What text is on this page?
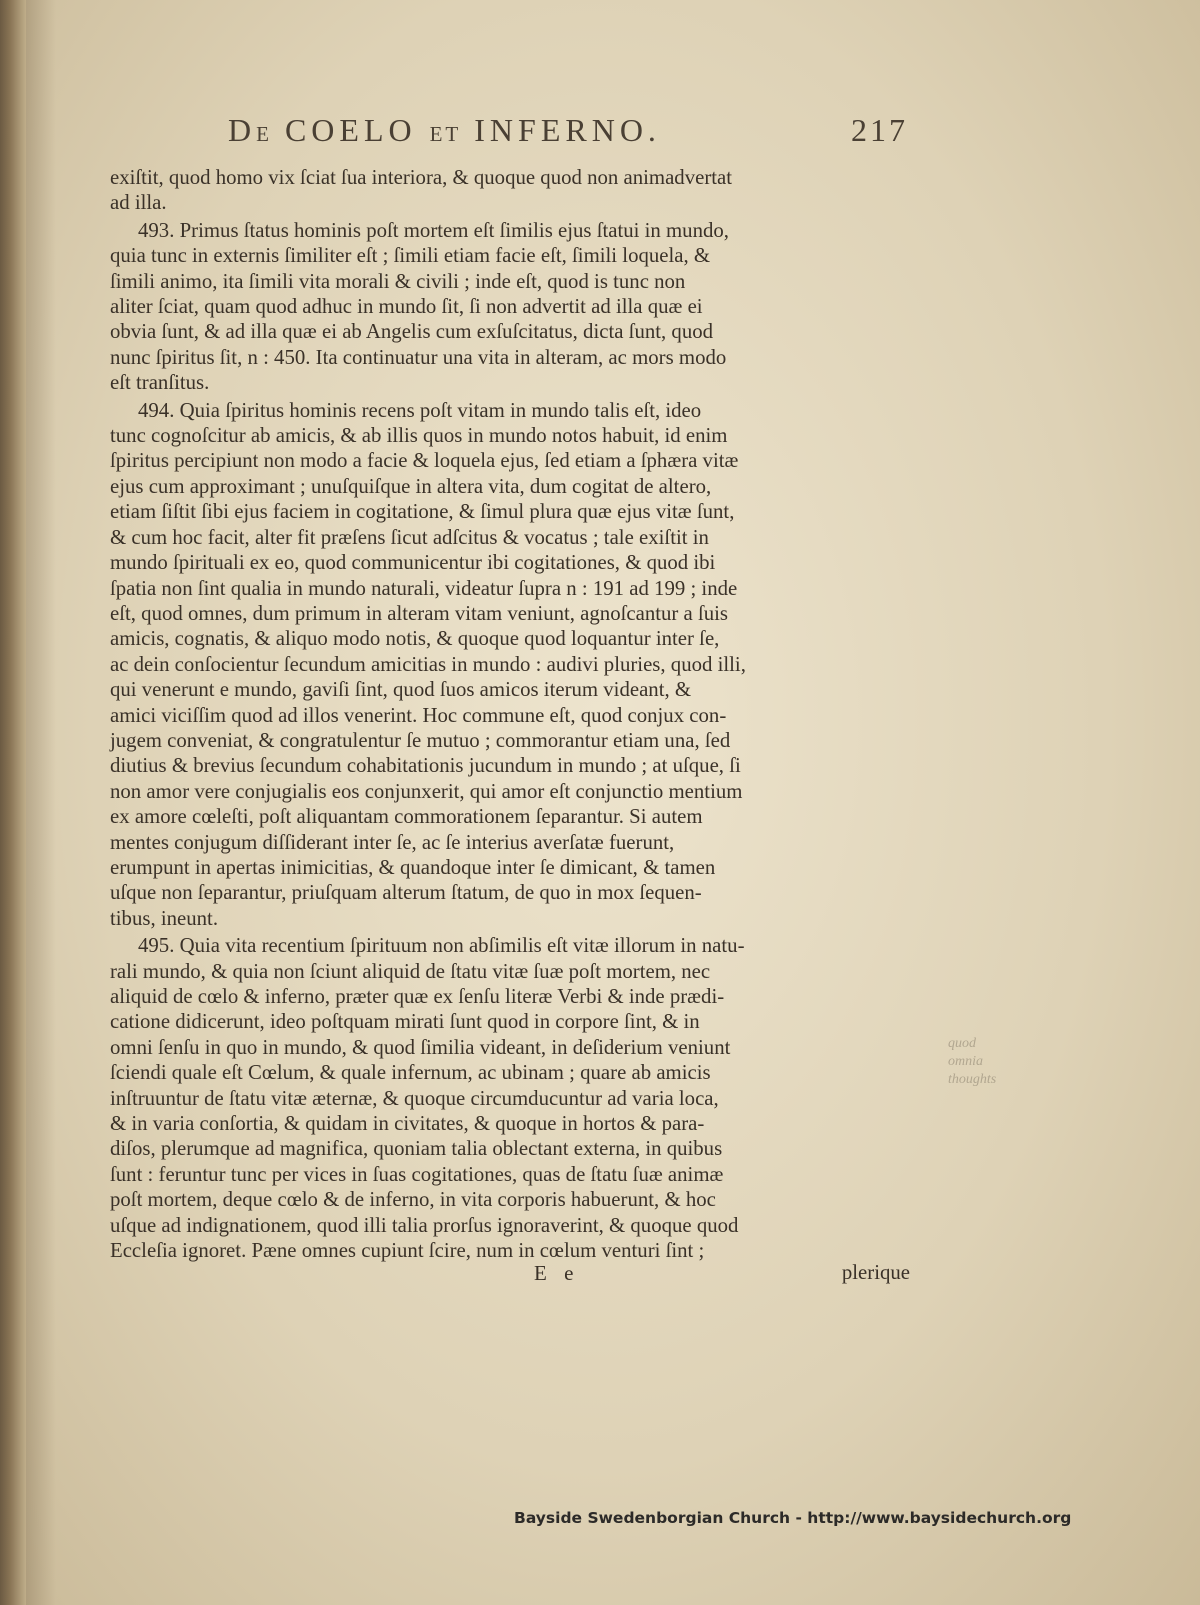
DE COELO ET INFERNO.	217

exiſtit, quod homo vix ſciat ſua interiora, & quoque quod non animadvertat

ad illa.

493. Primus ſtatus hominis poſt mortem eſt ſimilis ejus ſtatui in mundo,

quia tunc in externis ſimiliter eſt ; ſimili etiam facie eſt, ſimili loquela, &

ſimili animo, ita ſimili vita morali & civili ; inde eſt, quod is tunc non

aliter ſciat, quam quod adhuc in mundo ſit, ſi non advertit ad illa quæ ei

obvia ſunt, & ad illa quæ ei ab Angelis cum exſuſcitatus, dicta ſunt, quod

nunc ſpiritus ſit, n : 450. Ita continuatur una vita in alteram, ac mors modo

eſt tranſitus.

494. Quia ſpiritus hominis recens poſt vitam in mundo talis eſt, ideo

tunc cognoſcitur ab amicis, & ab illis quos in mundo notos habuit, id enim

ſpiritus percipiunt non modo a facie & loquela ejus, ſed etiam a ſphæra vitæ

ejus cum approximant ; unuſquiſque in altera vita, dum cogitat de altero,

etiam ſiſtit ſibi ejus faciem in cogitatione, & ſimul plura quæ ejus vitæ ſunt,

& cum hoc facit, alter fit præſens ſicut adſcitus & vocatus ; tale exiſtit in

mundo ſpirituali ex eo, quod communicentur ibi cogitationes, & quod ibi

ſpatia non ſint qualia in mundo naturali, videatur ſupra n : 191 ad 199 ; inde

eſt, quod omnes, dum primum in alteram vitam veniunt, agnoſcantur a ſuis

amicis, cognatis, & aliquo modo notis, & quoque quod loquantur inter ſe,

ac dein conſocientur ſecundum amicitias in mundo : audivi pluries, quod illi,

qui venerunt e mundo, gaviſi ſint, quod ſuos amicos iterum videant, &

amici viciſſim quod ad illos venerint. Hoc commune eſt, quod conjux con-

jugem conveniat, & congratulentur ſe mutuo ; commorantur etiam una, ſed

diutius & brevius ſecundum cohabitationis jucundum in mundo ; at uſque, ſi

non amor vere conjugialis eos conjunxerit, qui amor eſt conjunctio mentium

ex amore cœleſti, poſt aliquantam commorationem ſeparantur. Si autem

mentes conjugum diſſiderant inter ſe, ac ſe interius averſatæ fuerunt,

erumpunt in apertas inimicitias, & quandoque inter ſe dimicant, & tamen

uſque non ſeparantur, priuſquam alterum ſtatum, de quo in mox ſequen-

tibus, ineunt.

495. Quia vita recentium ſpirituum non abſimilis eſt vitæ illorum in natu-

rali mundo, & quia non ſciunt aliquid de ſtatu vitæ ſuæ poſt mortem, nec

aliquid de cœlo & inferno, præter quæ ex ſenſu literæ Verbi & inde prædi-

catione didicerunt, ideo poſtquam mirati ſunt quod in corpore ſint, & in

omni ſenſu in quo in mundo, & quod ſimilia videant, in deſiderium veniunt

ſciendi quale eſt Cœlum, & quale infernum, ac ubinam ; quare ab amicis

inſtruuntur de ſtatu vitæ æternæ, & quoque circumducuntur ad varia loca,

& in varia conſortia, & quidam in civitates, & quoque in hortos & para-

diſos, plerumque ad magnifica, quoniam talia oblectant externa, in quibus

ſunt : feruntur tunc per vices in ſuas cogitationes, quas de ſtatu ſuæ animæ

poſt mortem, deque cœlo & de inferno, in vita corporis habuerunt, & hoc

uſque ad indignationem, quod illi talia prorſus ignoraverint, & quoque quod

Eccleſia ignoret. Pæne omnes cupiunt ſcire, num in cœlum venturi ſint ;

E e	plerique
quod
omnia
thoughts
Bayside Swedenborgian Church - http://www.baysidechurch.org
